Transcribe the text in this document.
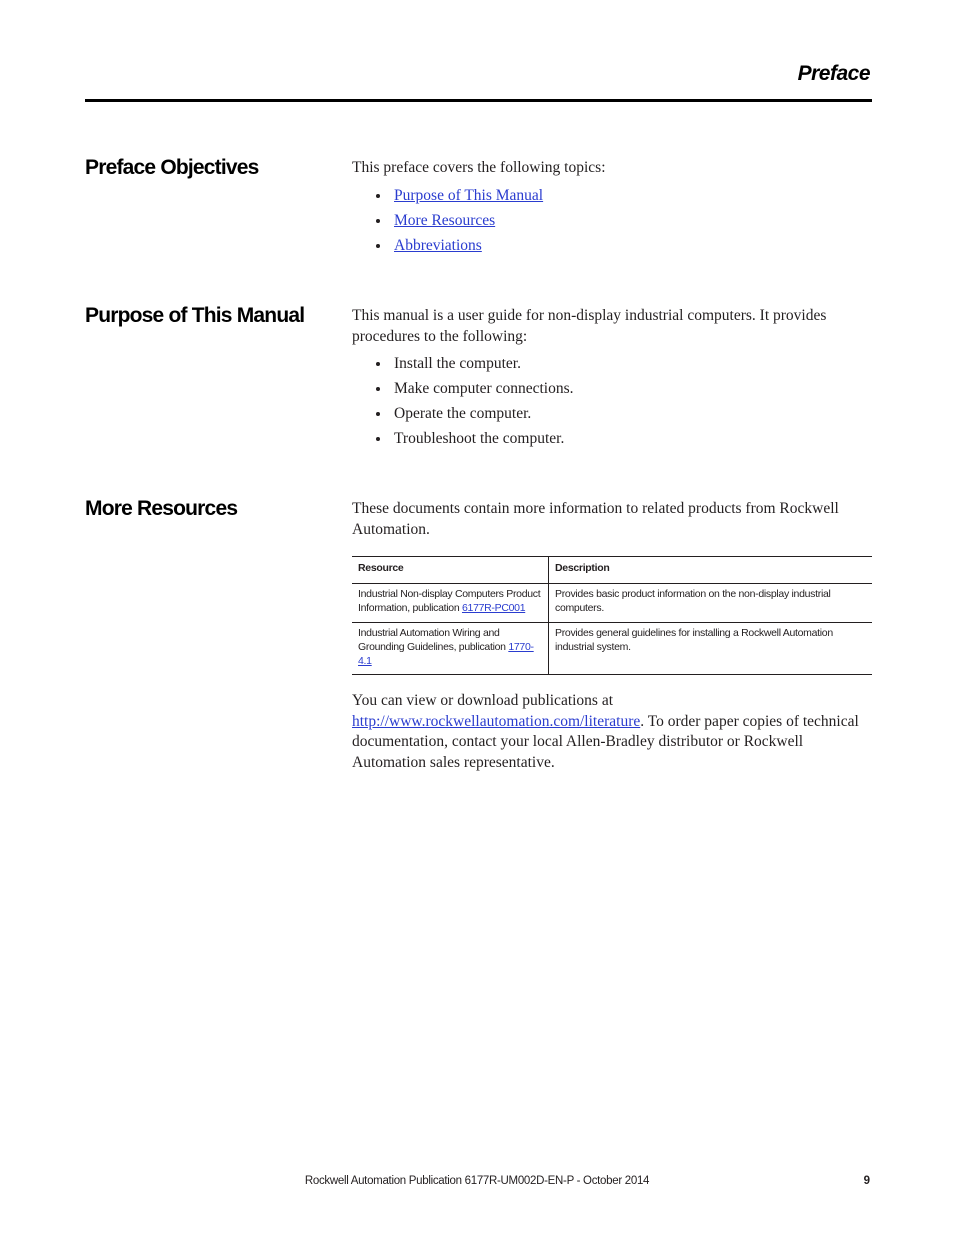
Preface
Preface Objectives	This preface covers the following topics:

Purpose of This Manual
More Resources
Abbreviations
Purpose of This Manual	This manual is a user guide for non-display industrial computers. It provides procedures to the following:

Install the computer.
Make computer connections.
Operate the computer.
Troubleshoot the computer.
More Resources	These documents contain more information to related products from Rockwell Automation.

Resource	Description
Industrial Non-display Computers Product Information, publication 6177R-PC001	Provides basic product information on the non-display industrial computers.
Industrial Automation Wiring and Grounding Guidelines, publication 1770-4.1	Provides general guidelines for installing a Rockwell Automation industrial system.

You can view or download publications at http://www.rockwellautomation.com/literature. To order paper copies of technical documentation, contact your local Allen-Bradley distributor or Rockwell Automation sales representative.

Rockwell Automation Publication 6177R-UM002D-EN-P - October 2014	9
